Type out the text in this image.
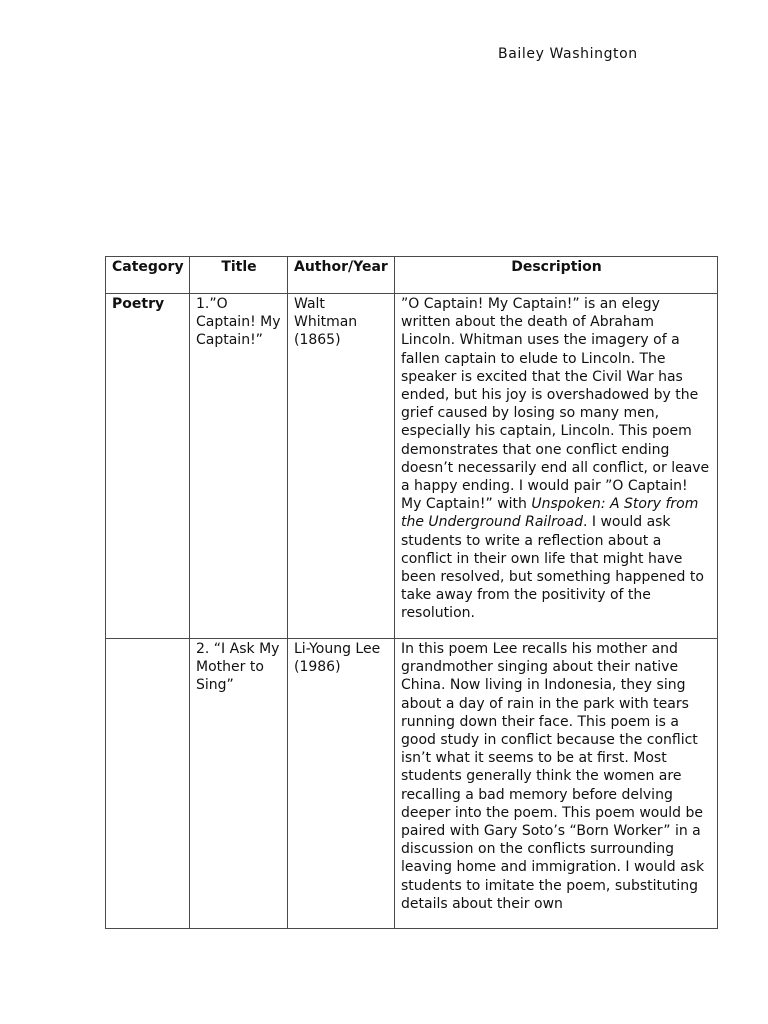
Bailey Washington
Category	Title	Author/Year	Description
Poetry	1.”O Captain! My Captain!”	Walt Whitman (1865)	”O Captain! My Captain!” is an elegy written about the death of Abraham Lincoln. Whitman uses the imagery of a fallen captain to elude to Lincoln. The speaker is excited that the Civil War has ended, but his joy is overshadowed by the grief caused by losing so many men, especially his captain, Lincoln. This poem demonstrates that one conflict ending doesn’t necessarily end all conflict, or leave a happy ending. I would pair ”O Captain! My Captain!” with Unspoken: A Story from the Underground Railroad. I would ask students to write a reflection about a conflict in their own life that might have been resolved, but something happened to take away from the positivity of the resolution.
	2. “I Ask My Mother to Sing”	Li-Young Lee (1986)	In this poem Lee recalls his mother and grandmother singing about their native China. Now living in Indonesia, they sing about a day of rain in the park with tears running down their face. This poem is a good study in conflict because the conflict isn’t what it seems to be at first. Most students generally think the women are recalling a bad memory before delving deeper into the poem. This poem would be paired with Gary Soto’s “Born Worker” in a discussion on the conflicts surrounding leaving home and immigration. I would ask students to imitate the poem, substituting details about their own
